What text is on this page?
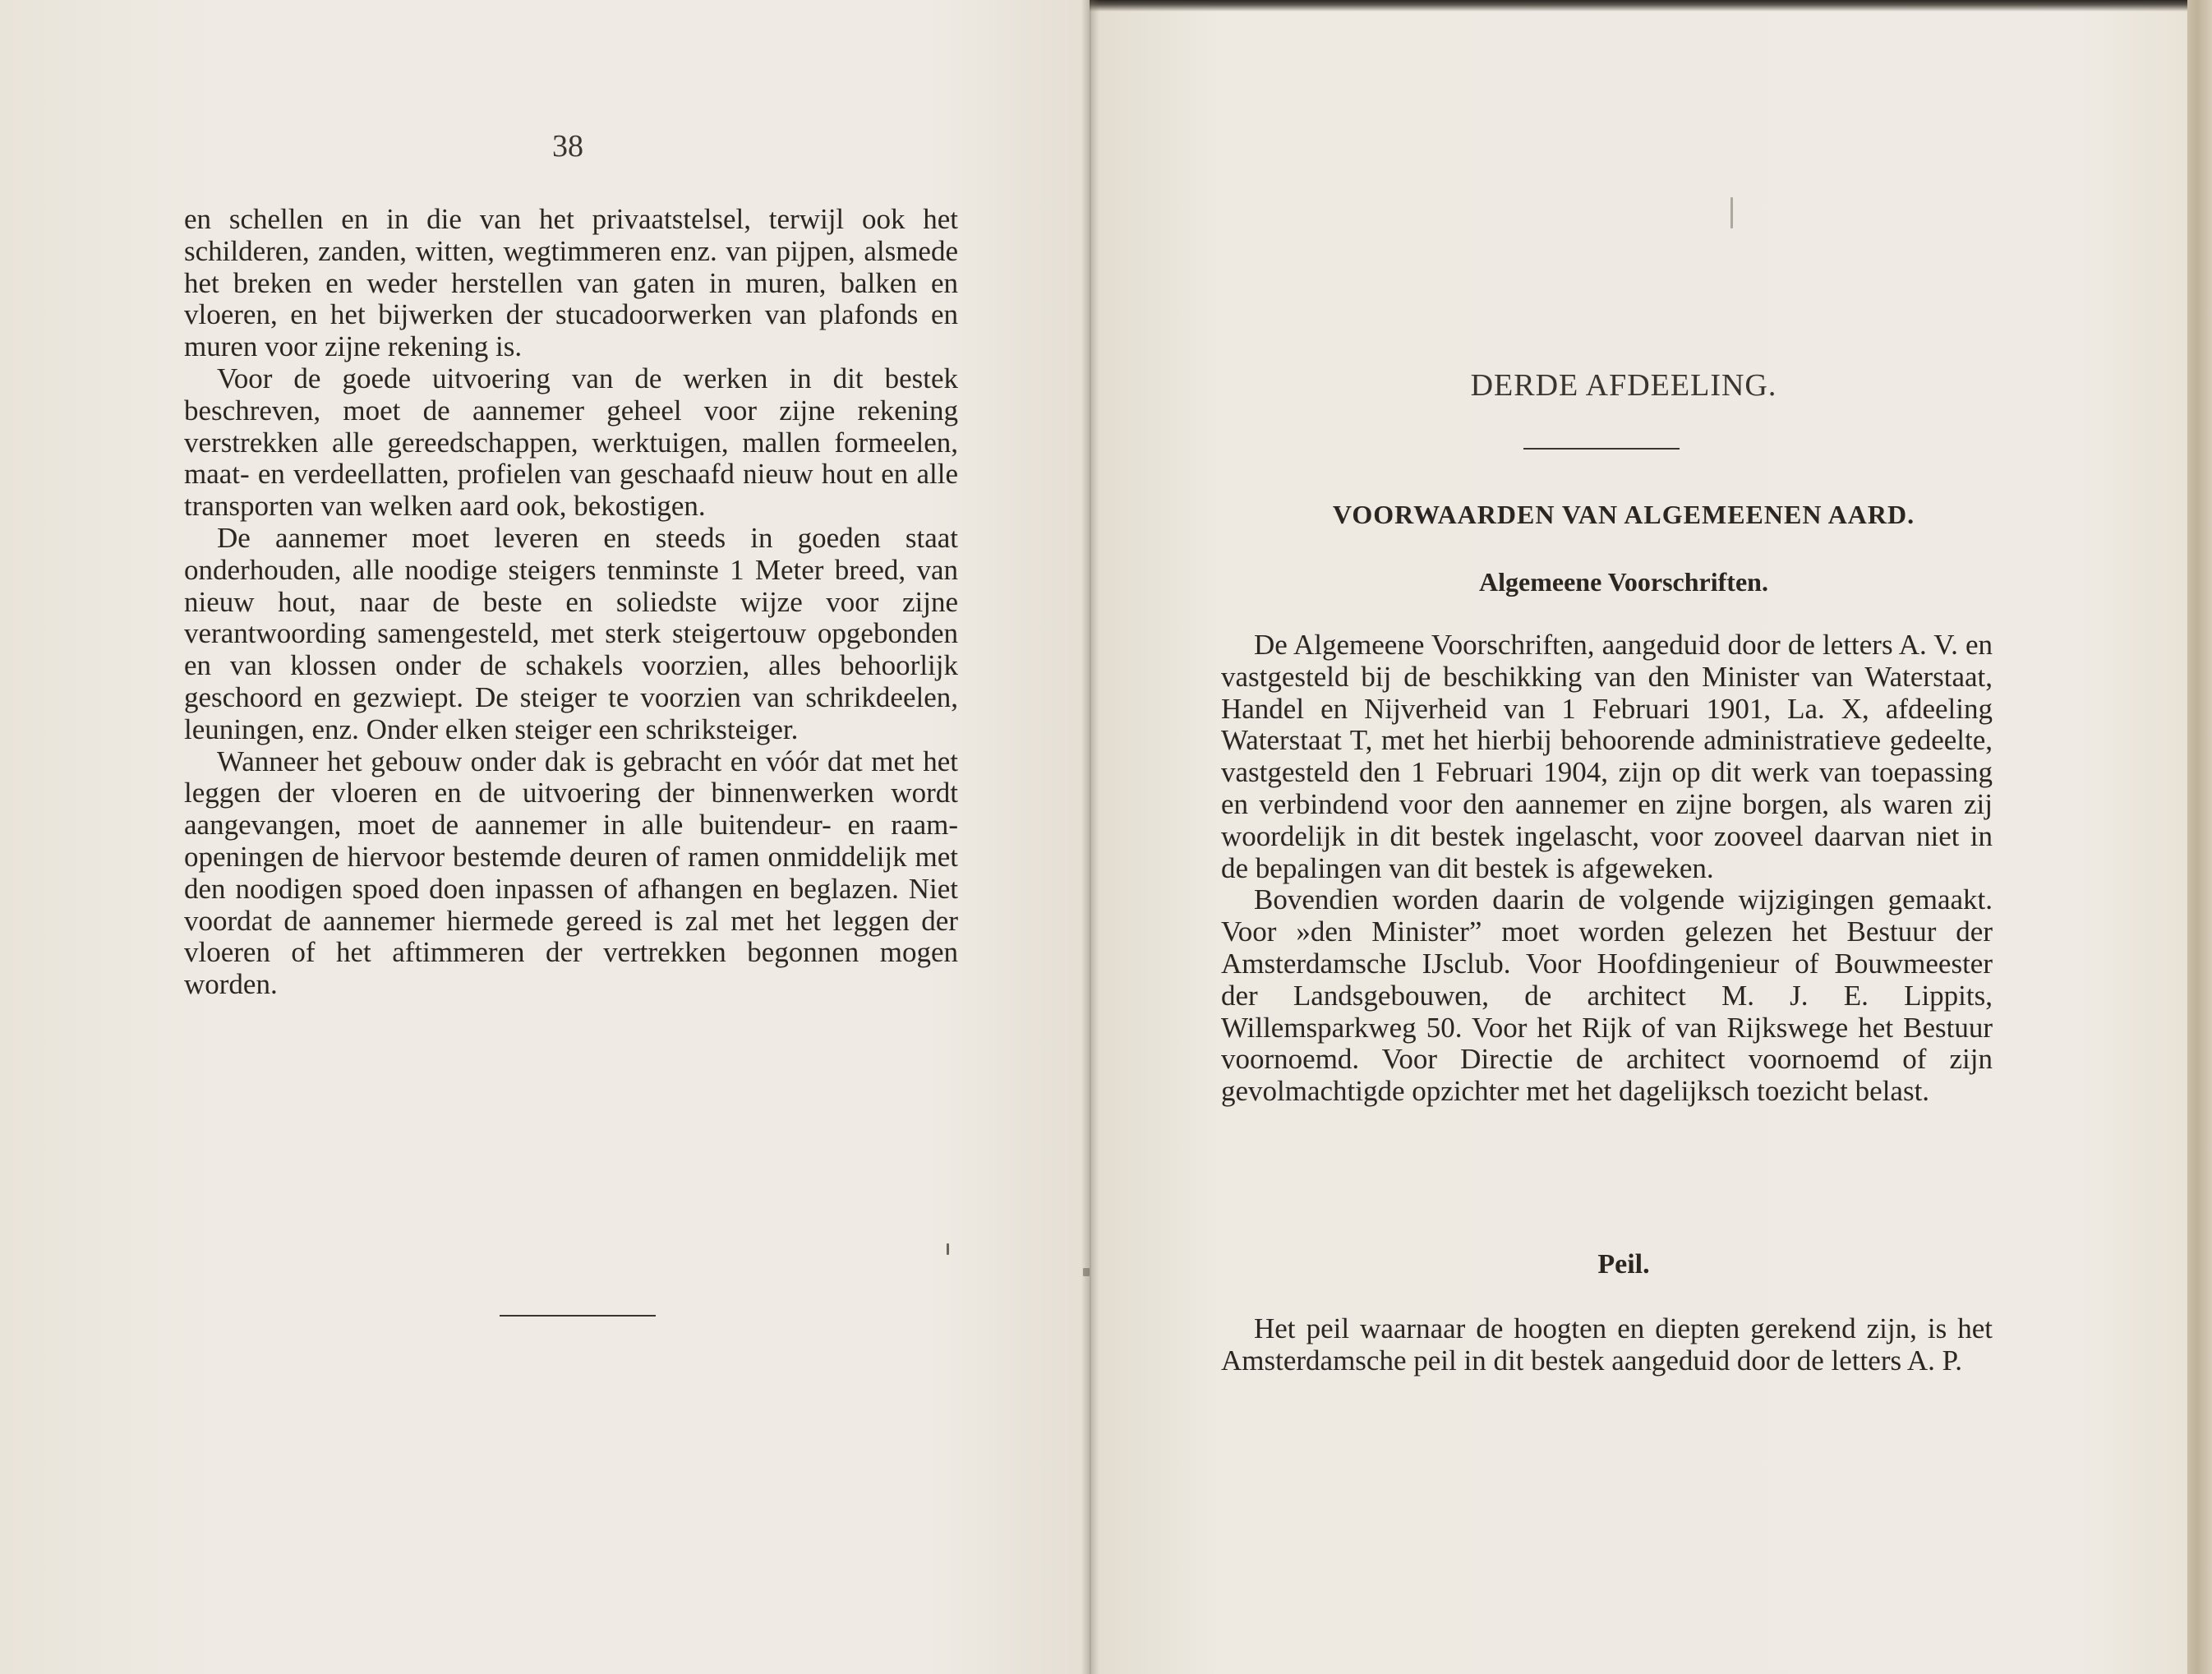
38

en schellen en in die van het privaatstelsel, terwijl ook het schilderen, zanden, witten, wegtimmeren enz. van pijpen, alsmede het breken en weder herstellen van gaten in muren, balken en vloeren, en het bijwerken der stucadoorwerken van plafonds en muren voor zijne rekening is.

Voor de goede uitvoering van de werken in dit bestek beschreven, moet de aannemer geheel voor zijne rekening verstrekken alle gereedschappen, werktuigen, mallen formeelen, maat- en verdeellatten, profielen van geschaafd nieuw hout en alle transporten van welken aard ook, bekostigen.

De aannemer moet leveren en steeds in goeden staat onderhouden, alle noodige steigers tenminste 1 Meter breed, van nieuw hout, naar de beste en soliedste wijze voor zijne verantwoording samengesteld, met sterk steigertouw opgebonden en van klossen onder de schakels voorzien, alles behoorlijk geschoord en gezwiept. De steiger te voorzien van schrikdeelen, leuningen, enz. Onder elken steiger een schriksteiger.

Wanneer het gebouw onder dak is gebracht en vóór dat met het leggen der vloeren en de uitvoering der binnenwerken wordt aangevangen, moet de aannemer in alle buitendeur- en raam-openingen de hiervoor bestemde deuren of ramen onmiddelijk met den noodigen spoed doen inpassen of afhangen en beglazen. Niet voordat de aannemer hiermede gereed is zal met het leggen der vloeren of het aftimmeren der vertrekken begonnen mogen worden.

DERDE AFDEELING.
VOORWAARDEN VAN ALGEMEENEN AARD.
Algemeene Voorschriften.

De Algemeene Voorschriften, aangeduid door de letters A. V. en vastgesteld bij de beschikking van den Minister van Waterstaat, Handel en Nijverheid van 1 Februari 1901, La. X, afdeeling Waterstaat T, met het hierbij behoorende administratieve gedeelte, vastgesteld den 1 Februari 1904, zijn op dit werk van toepassing en verbindend voor den aannemer en zijne borgen, als waren zij woordelijk in dit bestek ingelascht, voor zooveel daarvan niet in de bepalingen van dit bestek is afgeweken.

Bovendien worden daarin de volgende wijzigingen gemaakt. Voor »den Minister” moet worden gelezen het Bestuur der Amsterdamsche IJsclub. Voor Hoofdingenieur of Bouwmeester der Landsgebouwen, de architect M. J. E. Lippits, Willemsparkweg 50. Voor het Rijk of van Rijkswege het Bestuur voornoemd. Voor Directie de architect voornoemd of zijn gevolmachtigde opzichter met het dagelijksch toezicht belast.

Peil.

Het peil waarnaar de hoogten en diepten gerekend zijn, is het Amsterdamsche peil in dit bestek aangeduid door de letters A. P.
